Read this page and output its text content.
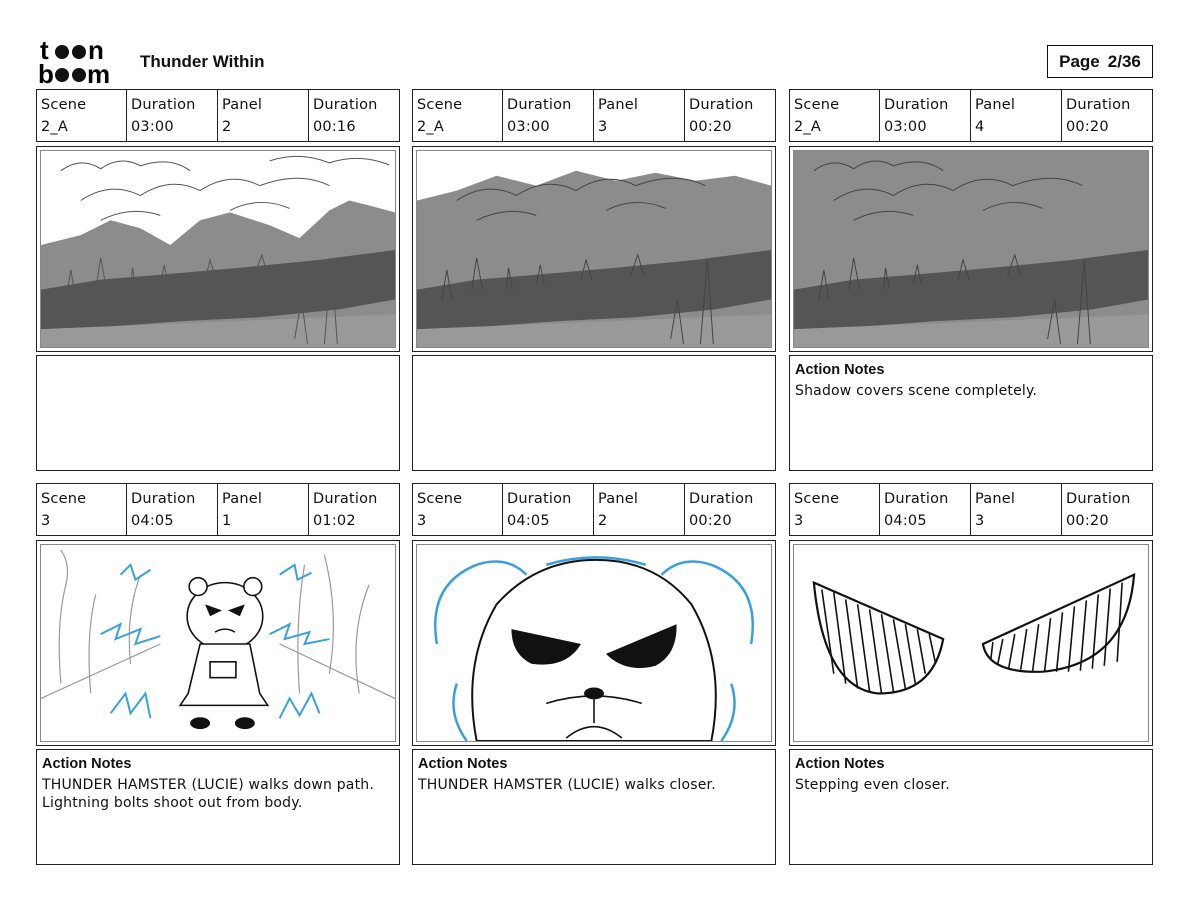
t n
b m Thunder Within	Page 2/36
Scene
2_A
Duration
03:00
Panel
2
Duration
00:16
Scene
2_A
Duration
03:00
Panel
3
Duration
00:20
Scene
2_A
Duration
03:00
Panel
4
Duration
00:20
Action Notes
Shadow covers scene completely.
Scene
3
Duration
04:05
Panel
1
Duration
01:02
Action Notes
THUNDER HAMSTER (LUCIE) walks down path. Lightning bolts shoot out from body.
Scene
3
Duration
04:05
Panel
2
Duration
00:20
Action Notes
THUNDER HAMSTER (LUCIE) walks closer.
Scene
3
Duration
04:05
Panel
3
Duration
00:20
Action Notes
Stepping even closer.
